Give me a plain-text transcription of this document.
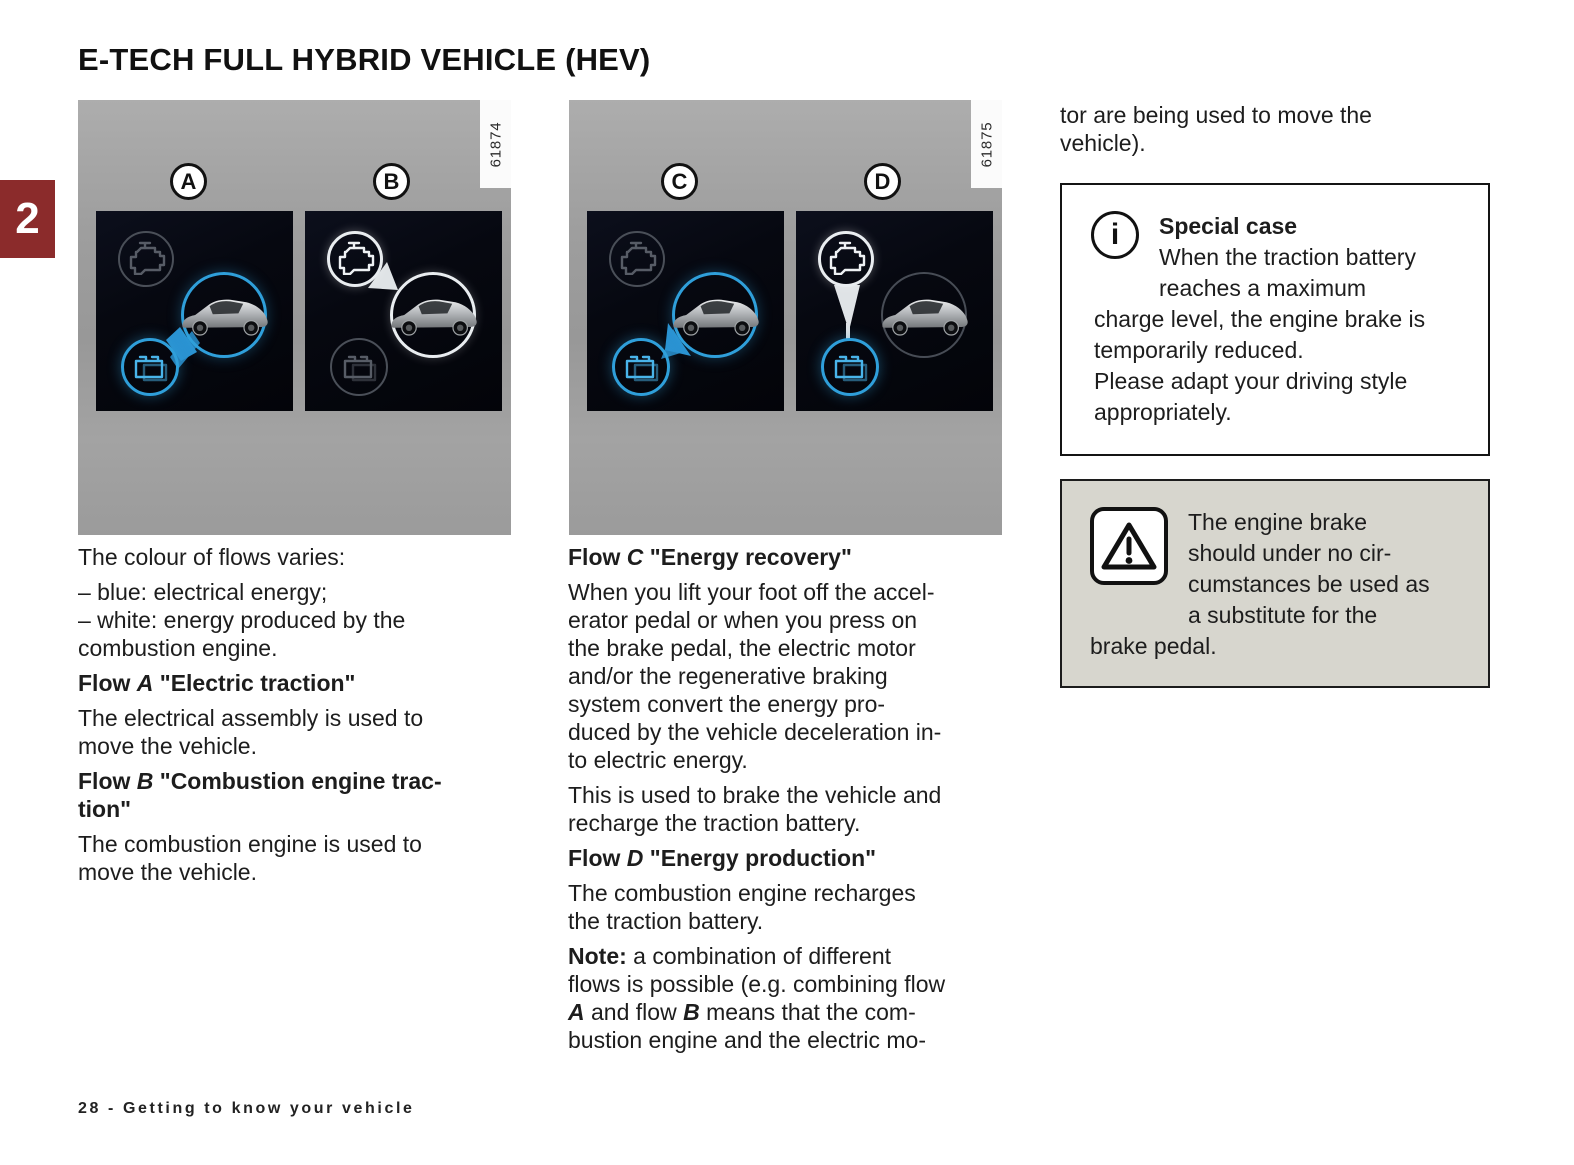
E-TECH FULL HYBRID VEHICLE (HEV)
2
61874
A	B
61875
C	D

The colour of flows varies:

– blue: electrical energy;
– white: energy produced by the
combustion engine.

Flow A "Electric traction"

The electrical assembly is used to
move the vehicle.

Flow B "Combustion engine trac-
tion"

The combustion engine is used to
move the vehicle.

Flow C "Energy recovery"

When you lift your foot off the accel-
erator pedal or when you press on
the brake pedal, the electric motor
and/or the regenerative braking
system convert the energy pro-
duced by the vehicle deceleration in-
to electric energy.

This is used to brake the vehicle and
recharge the traction battery.

Flow D "Energy production"

The combustion engine recharges
the traction battery.

Note: a combination of different
flows is possible (e.g. combining flow
A and flow B means that the com-
bustion engine and the electric mo-

tor are being used to move the
vehicle).

i	Special case
When the traction battery
reaches a maximum
charge level, the engine brake is
temporarily reduced.
Please adapt your driving style
appropriately.
The engine brake
should under no cir-
cumstances be used as
a substitute for the
brake pedal.
28 - Getting to know your vehicle
